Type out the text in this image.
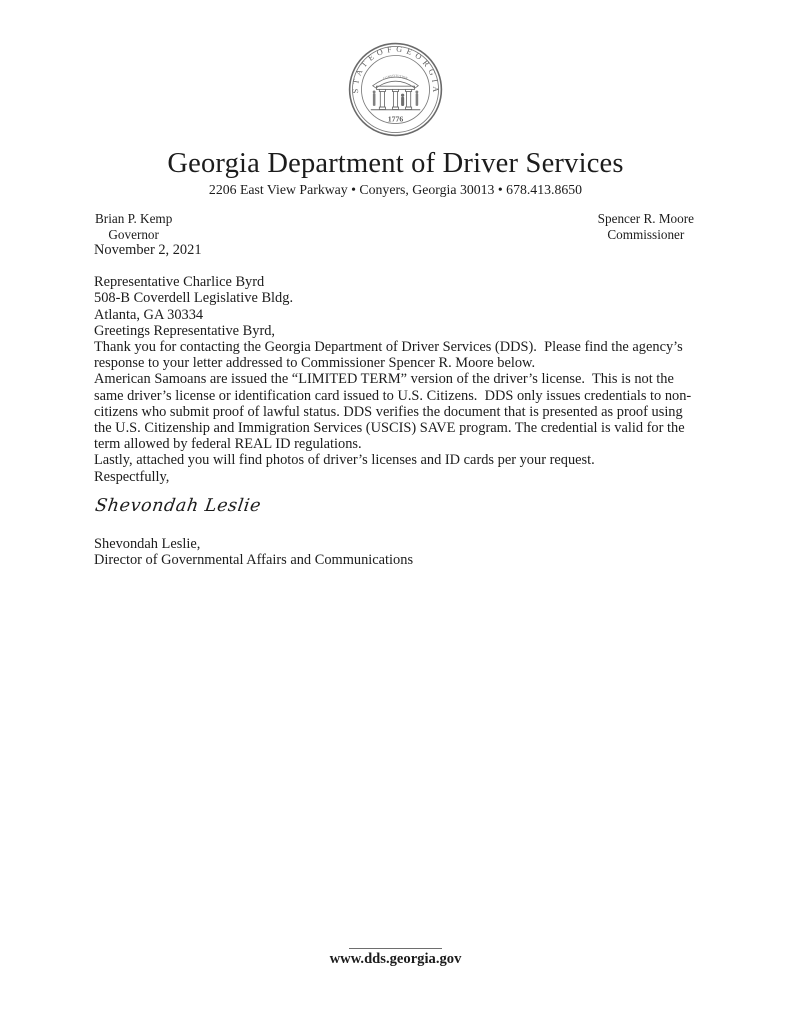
S T A T E O F G E O R G I A
CONSTITUTION
1776
Georgia Department of Driver Services
2206 East View Parkway • Conyers, Georgia 30013 • 678.413.8650
Brian P. Kemp
Governor
Spencer R. Moore
Commissioner

November 2, 2021

Representative Charlice Byrd

508-B Coverdell Legislative Bldg.

Atlanta, GA 30334

Greetings Representative Byrd,

Thank you for contacting the Georgia Department of Driver Services (DDS).  Please find the agency’s response to your letter addressed to Commissioner Spencer R. Moore below.

American Samoans are issued the “LIMITED TERM” version of the driver’s license.  This is not the same driver’s license or identification card issued to U.S. Citizens.  DDS only issues credentials to non-citizens who submit proof of lawful status. DDS verifies the document that is presented as proof using the U.S. Citizenship and Immigration Services (USCIS) SAVE program. The credential is valid for the term allowed by federal REAL ID regulations.

Lastly, attached you will find photos of driver’s licenses and ID cards per your request.

Respectfully,

Shevondah Leslie

Shevondah Leslie,

Director of Governmental Affairs and Communications

www.dds.georgia.gov
